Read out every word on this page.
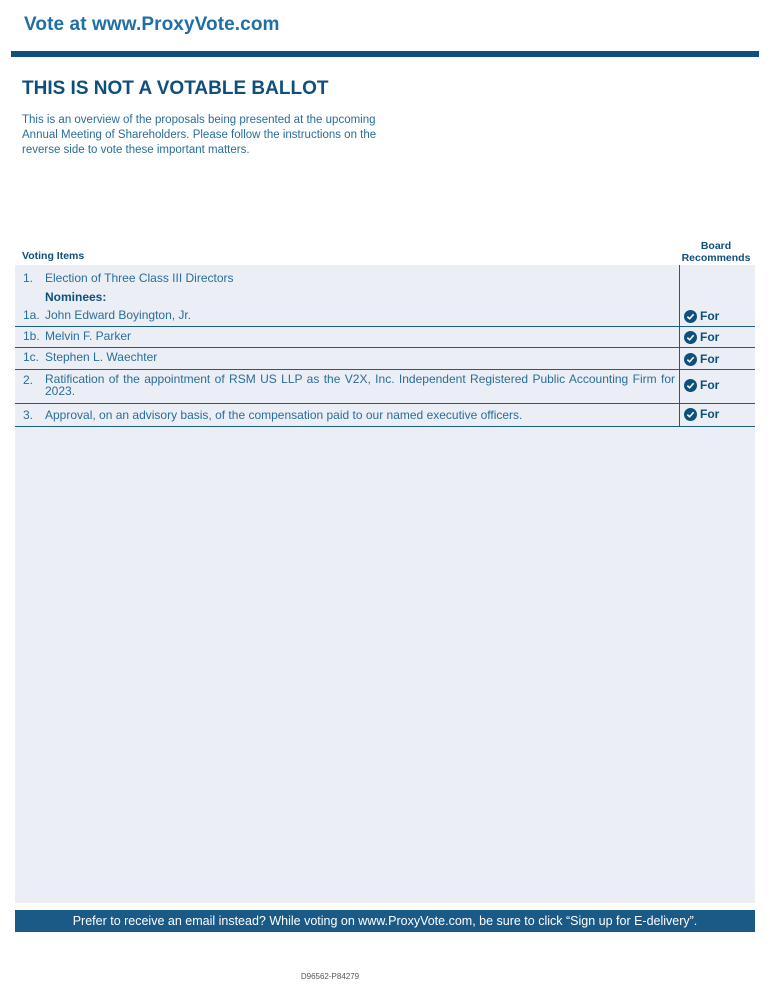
Vote at www.ProxyVote.com
THIS IS NOT A VOTABLE BALLOT
This is an overview of the proposals being presented at the upcoming Annual Meeting of Shareholders. Please follow the instructions on the reverse side to vote these important matters.
Voting Items
Board Recommends
1. Election of Three Class III Directors
Nominees:
1a. John Edward Boyington, Jr.	For
1b. Melvin F. Parker	For
1c. Stephen L. Waechter	For
2. Ratification of the appointment of RSM US LLP as the V2X, Inc. Independent Registered Public Accounting Firm for 2023.	For
3. Approval, on an advisory basis, of the compensation paid to our named executive officers.	For
Prefer to receive an email instead? While voting on www.ProxyVote.com, be sure to click “Sign up for E-delivery”.
D96562-P84279
